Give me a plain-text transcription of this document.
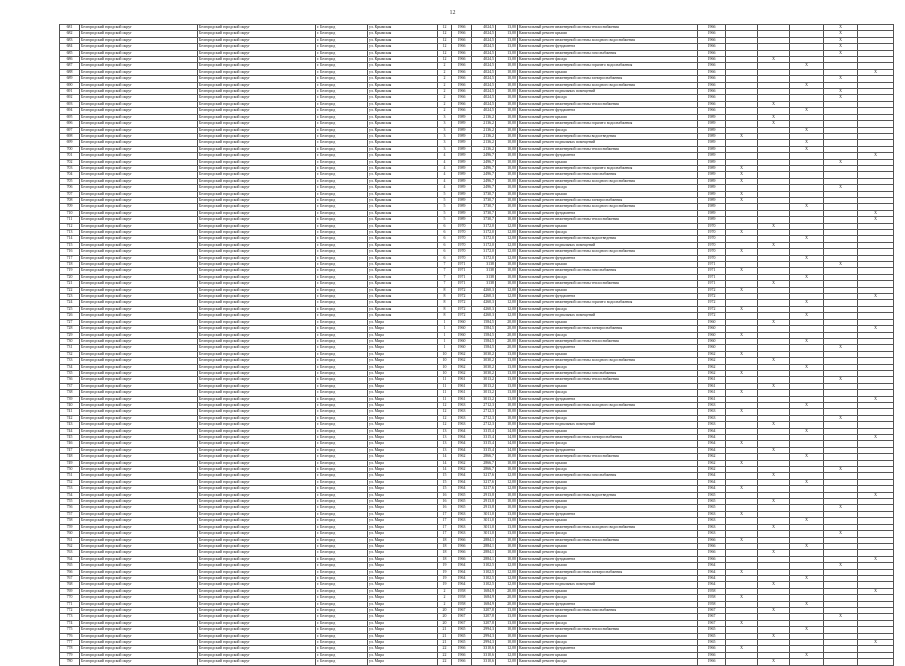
12
681	Белгородский городской округ	Белгородский городской округ	г. Белгород	ул. Крымская	12	1966	4024,5	13,00	Капитальный ремонт инженерной системы теплоснабжения	1966				X	
682	Белгородский городской округ	Белгородский городской округ	г. Белгород	ул. Крымская	12	1966	4024,5	13,00	Капитальный ремонт крыши	1966				X	
683	Белгородский городской округ	Белгородский городской округ	г. Белгород	ул. Крымская	12	1966	4024,5	13,00	Капитальный ремонт инженерной системы холодного водоснабжения	1966				X	
684	Белгородский городской округ	Белгородский городской округ	г. Белгород	ул. Крымская	12	1966	4024,5	13,00	Капитальный ремонт фундамента	1966				X	
685	Белгородский городской округ	Белгородский городской округ	г. Белгород	ул. Крымская	12	1966	4024,5	13,00	Капитальный ремонт инженерной системы газоснабжения	1966				X	
686	Белгородский городской округ	Белгородский городской округ	г. Белгород	ул. Крымская	12	1966	4024,5	13,00	Капитальный ремонт фасада	1966		X			
687	Белгородский городской округ	Белгородский городской округ	г. Белгород	ул. Крымская	2	1966	4024,5	10,00	Капитальный ремонт инженерной системы горячего водоснабжения	1966			X		
688	Белгородский городской округ	Белгородский городской округ	г. Белгород	ул. Крымская	2	1966	4024,5	10,00	Капитальный ремонт крыши	1966					X
689	Белгородский городской округ	Белгородский городской округ	г. Белгород	ул. Крымская	2	1966	4024,5	10,00	Капитальный ремонт инженерной системы электроснабжения	1966				X	
690	Белгородский городской округ	Белгородский городской округ	г. Белгород	ул. Крымская	2	1966	4024,5	10,00	Капитальный ремонт инженерной системы холодного водоснабжения	1966			X		
691	Белгородский городской округ	Белгородский городской округ	г. Белгород	ул. Крымская	2	1966	4024,5	10,00	Капитальный ремонт подвальных помещений	1966				X	
692	Белгородский городской округ	Белгородский городской округ	г. Белгород	ул. Крымская	2	1966	4024,5	10,00	Капитальный ремонт фасада	1966				X	
693	Белгородский городской округ	Белгородский городской округ	г. Белгород	ул. Крымская	2	1966	4024,5	10,00	Капитальный ремонт инженерной системы теплоснабжения	1966		X			
694	Белгородский городской округ	Белгородский городской округ	г. Белгород	ул. Крымская	2	1966	4024,5	10,00	Капитальный ремонт фундамента	1966			X		
695	Белгородский городской округ	Белгородский городской округ	г. Белгород	ул. Крымская	3	1989	2136,2	10,00	Капитальный ремонт крыши	1989		X			
696	Белгородский городской округ	Белгородский городской округ	г. Белгород	ул. Крымская	3	1989	2136,2	10,00	Капитальный ремонт инженерной системы горячего водоснабжения	1989		X			
697	Белгородский городской округ	Белгородский городской округ	г. Белгород	ул. Крымская	3	1989	2136,2	10,00	Капитальный ремонт фасада	1989			X		
698	Белгородский городской округ	Белгородский городской округ	г. Белгород	ул. Крымская	3	1989	2136,2	10,00	Капитальный ремонт инженерной системы водоотведения	1989	X				
699	Белгородский городской округ	Белгородский городской округ	г. Белгород	ул. Крымская	3	1989	2136,2	10,00	Капитальный ремонт подвальных помещений	1989			X		
700	Белгородский городской округ	Белгородский городской округ	г. Белгород	ул. Крымская	3	1989	2136,2	10,00	Капитальный ремонт инженерной системы теплоснабжения	1989			X		
701	Белгородский городской округ	Белгородский городской округ	г. Белгород	ул. Крымская	4	1989	2496,7	10,00	Капитальный ремонт фундамента	1989					X
702	Белгородский городской округ	Белгородский городской округ	г. Белгород	ул. Крымская	4	1989	2496,7	10,00	Капитальный ремонт крыши	1989				X	
703	Белгородский городской округ	Белгородский городской округ	г. Белгород	ул. Крымская	4	1989	2496,7	10,00	Капитальный ремонт инженерной системы горячего водоснабжения	1989	X				
704	Белгородский городской округ	Белгородский городской округ	г. Белгород	ул. Крымская	4	1989	2496,7	10,00	Капитальный ремонт инженерной системы газоснабжения	1989	X				
705	Белгородский городской округ	Белгородский городской округ	г. Белгород	ул. Крымская	4	1989	2496,7	10,00	Капитальный ремонт инженерной системы холодного водоснабжения	1989	X				
706	Белгородский городской округ	Белгородский городской округ	г. Белгород	ул. Крымская	4	1989	2496,7	10,00	Капитальный ремонт фасада	1989				X	
707	Белгородский городской округ	Белгородский городской округ	г. Белгород	ул. Крымская	5	1989	3730,7	10,00	Капитальный ремонт крыши	1989	X				
708	Белгородский городской округ	Белгородский городской округ	г. Белгород	ул. Крымская	5	1989	3730,7	10,00	Капитальный ремонт инженерной системы электроснабжения	1989	X				
709	Белгородский городской округ	Белгородский городской округ	г. Белгород	ул. Крымская	5	1989	3730,7	10,00	Капитальный ремонт инженерной системы холодного водоснабжения	1989			X		
710	Белгородский городской округ	Белгородский городской округ	г. Белгород	ул. Крымская	5	1989	3730,7	10,00	Капитальный ремонт фундамента	1989					X
711	Белгородский городской округ	Белгородский городской округ	г. Белгород	ул. Крымская	5	1989	3730,7	10,00	Капитальный ремонт инженерной системы теплоснабжения	1989					X
712	Белгородский городской округ	Белгородский городской округ	г. Белгород	ул. Крымская	6	1970	3172,0	12,00	Капитальный ремонт крыши	1970		X			
713	Белгородский городской округ	Белгородский городской округ	г. Белгород	ул. Крымская	6	1970	3172,0	12,00	Капитальный ремонт фасада	1970	X				
714	Белгородский городской округ	Белгородский городской округ	г. Белгород	ул. Крымская	6	1970	3172,0	12,00	Капитальный ремонт инженерной системы водоотведения	1970			X		
715	Белгородский городской округ	Белгородский городской округ	г. Белгород	ул. Крымская	6	1970	3172,0	12,00	Капитальный ремонт подвальных помещений	1970		X			
716	Белгородский городской округ	Белгородский городской округ	г. Белгород	ул. Крымская	6	1970	3172,0	12,00	Капитальный ремонт инженерной системы холодного водоснабжения	1970	X				
717	Белгородский городской округ	Белгородский городской округ	г. Белгород	ул. Крымская	6	1970	3172,0	12,00	Капитальный ремонт фундамента	1970			X		
718	Белгородский городской округ	Белгородский городской округ	г. Белгород	ул. Крымская	7	1971	3138	10,00	Капитальный ремонт крыши	1971				X	
719	Белгородский городской округ	Белгородский городской округ	г. Белгород	ул. Крымская	7	1971	3138	10,00	Капитальный ремонт инженерной системы газоснабжения	1971	X				
720	Белгородский городской округ	Белгородский городской округ	г. Белгород	ул. Крымская	7	1971	3138	10,00	Капитальный ремонт фасада	1971			X		
721	Белгородский городской округ	Белгородский городской округ	г. Белгород	ул. Крымская	7	1971	3138	10,00	Капитальный ремонт инженерной системы теплоснабжения	1971		X			
722	Белгородский городской округ	Белгородский городской округ	г. Белгород	ул. Крымская	8	1972	4260,3	12,00	Капитальный ремонт крыши	1972	X				
723	Белгородский городской округ	Белгородский городской округ	г. Белгород	ул. Крымская	8	1972	4260,3	12,00	Капитальный ремонт фундамента	1972					X
724	Белгородский городской округ	Белгородский городской округ	г. Белгород	ул. Крымская	8	1972	4260,3	12,00	Капитальный ремонт инженерной системы горячего водоснабжения	1972			X		
725	Белгородский городской округ	Белгородский городской округ	г. Белгород	ул. Крымская	8	1972	4260,3	12,00	Капитальный ремонт фасада	1972	X				
726	Белгородский городской округ	Белгородский городской округ	г. Белгород	ул. Крымская	8	1972	4260,3	12,00	Капитальный ремонт подвальных помещений	1972			X		
727	Белгородский городской округ	Белгородский городской округ	г. Белгород	ул. Мира	1	1960	1584,5	20,00	Капитальный ремонт крыши	1960		X			
728	Белгородский городской округ	Белгородский городской округ	г. Белгород	ул. Мира	1	1960	1584,5	20,00	Капитальный ремонт инженерной системы электроснабжения	1960					X
729	Белгородский городской округ	Белгородский городской округ	г. Белгород	ул. Мира	1	1960	1584,5	20,00	Капитальный ремонт фасада	1960	X				
730	Белгородский городской округ	Белгородский городской округ	г. Белгород	ул. Мира	1	1960	1584,5	20,00	Капитальный ремонт инженерной системы теплоснабжения	1960			X		
731	Белгородский городской округ	Белгородский городской округ	г. Белгород	ул. Мира	1	1960	1584,5	20,00	Капитальный ремонт фундамента	1960				X	
732	Белгородский городской округ	Белгородский городской округ	г. Белгород	ул. Мира	10	1962	3030,2	13,00	Капитальный ремонт крыши	1962	X				
733	Белгородский городской округ	Белгородский городской округ	г. Белгород	ул. Мира	10	1962	3030,2	13,00	Капитальный ремонт инженерной системы холодного водоснабжения	1962		X			
734	Белгородский городской округ	Белгородский городской округ	г. Белгород	ул. Мира	10	1962	3030,2	13,00	Капитальный ремонт фасада	1962			X		
735	Белгородский городской округ	Белгородский городской округ	г. Белгород	ул. Мира	10	1962	3030,2	13,00	Капитальный ремонт инженерной системы газоснабжения	1962	X				
736	Белгородский городской округ	Белгородский городской округ	г. Белгород	ул. Мира	11	1961	3013,2	13,00	Капитальный ремонт инженерной системы теплоснабжения	1961				X	
737	Белгородский городской округ	Белгородский городской округ	г. Белгород	ул. Мира	11	1961	3013,2	13,00	Капитальный ремонт крыши	1961		X			
738	Белгородский городской округ	Белгородский городской округ	г. Белгород	ул. Мира	11	1961	3013,2	13,00	Капитальный ремонт фасада	1961	X				
739	Белгородский городской округ	Белгородский городской округ	г. Белгород	ул. Мира	11	1961	3013,2	13,00	Капитальный ремонт фундамента	1961					X
740	Белгородский городской округ	Белгородский городской округ	г. Белгород	ул. Мира	12	1963	2712,3	10,00	Капитальный ремонт инженерной системы холодного водоснабжения	1963			X		
741	Белгородский городской округ	Белгородский городской округ	г. Белгород	ул. Мира	12	1963	2712,3	10,00	Капитальный ремонт крыши	1963	X				
742	Белгородский городской округ	Белгородский городской округ	г. Белгород	ул. Мира	12	1963	2712,3	10,00	Капитальный ремонт фасада	1963				X	
743	Белгородский городской округ	Белгородский городской округ	г. Белгород	ул. Мира	12	1963	2712,3	10,00	Капитальный ремонт подвальных помещений	1963		X			
744	Белгородский городской округ	Белгородский городской округ	г. Белгород	ул. Мира	13	1964	3315,4	14,00	Капитальный ремонт крыши	1964			X		
745	Белгородский городской округ	Белгородский городской округ	г. Белгород	ул. Мира	13	1964	3315,4	14,00	Капитальный ремонт инженерной системы электроснабжения	1964					X
746	Белгородский городской округ	Белгородский городской округ	г. Белгород	ул. Мира	13	1964	3315,4	14,00	Капитальный ремонт фасада	1964	X				
747	Белгородский городской округ	Белгородский городской округ	г. Белгород	ул. Мира	13	1964	3315,4	14,00	Капитальный ремонт фундамента	1964		X			
748	Белгородский городской округ	Белгородский городской округ	г. Белгород	ул. Мира	14	1962	2866,7	10,00	Капитальный ремонт инженерной системы теплоснабжения	1962			X		
749	Белгородский городской округ	Белгородский городской округ	г. Белгород	ул. Мира	14	1962	2866,7	10,00	Капитальный ремонт крыши	1962	X				
750	Белгородский городской округ	Белгородский городской округ	г. Белгород	ул. Мира	14	1962	2866,7	10,00	Капитальный ремонт фасада	1962				X	
751	Белгородский городской округ	Белгородский городской округ	г. Белгород	ул. Мира	15	1964	3217,6	12,00	Капитальный ремонт инженерной системы газоснабжения	1964		X			
752	Белгородский городской округ	Белгородский городской округ	г. Белгород	ул. Мира	15	1964	3217,6	12,00	Капитальный ремонт крыши	1964			X		
753	Белгородский городской округ	Белгородский городской округ	г. Белгород	ул. Мира	15	1964	3217,6	12,00	Капитальный ремонт фасада	1964	X				
754	Белгородский городской округ	Белгородский городской округ	г. Белгород	ул. Мира	16	1965	2913,8	10,00	Капитальный ремонт инженерной системы водоотведения	1965					X
755	Белгородский городской округ	Белгородский городской округ	г. Белгород	ул. Мира	16	1965	2913,8	10,00	Капитальный ремонт крыши	1965		X			
756	Белгородский городской округ	Белгородский городской округ	г. Белгород	ул. Мира	16	1965	2913,8	10,00	Капитальный ремонт фасада	1965				X	
757	Белгородский городской округ	Белгородский городской округ	г. Белгород	ул. Мира	17	1963	3011,0	13,00	Капитальный ремонт фундамента	1963	X				
758	Белгородский городской округ	Белгородский городской округ	г. Белгород	ул. Мира	17	1963	3011,0	13,00	Капитальный ремонт крыши	1963			X		
759	Белгородский городской округ	Белгородский городской округ	г. Белгород	ул. Мира	17	1963	3011,0	13,00	Капитальный ремонт инженерной системы холодного водоснабжения	1963		X			
760	Белгородский городской округ	Белгородский городской округ	г. Белгород	ул. Мира	17	1963	3011,0	13,00	Капитальный ремонт фасада	1963				X	
761	Белгородский городской округ	Белгородский городской округ	г. Белгород	ул. Мира	18	1966	2884,1	10,00	Капитальный ремонт инженерной системы теплоснабжения	1966	X				
762	Белгородский городской округ	Белгородский городской округ	г. Белгород	ул. Мира	18	1966	2884,1	10,00	Капитальный ремонт крыши	1966			X		
763	Белгородский городской округ	Белгородский городской округ	г. Белгород	ул. Мира	18	1966	2884,1	10,00	Капитальный ремонт фасада	1966		X			
764	Белгородский городской округ	Белгородский городской округ	г. Белгород	ул. Мира	18	1966	2884,1	10,00	Капитальный ремонт фундамента	1966					X
765	Белгородский городской округ	Белгородский городской округ	г. Белгород	ул. Мира	19	1964	3102,5	12,00	Капитальный ремонт крыши	1964				X	
766	Белгородский городской округ	Белгородский городской округ	г. Белгород	ул. Мира	19	1964	3102,5	12,00	Капитальный ремонт инженерной системы электроснабжения	1964	X				
767	Белгородский городской округ	Белгородский городской округ	г. Белгород	ул. Мира	19	1964	3102,5	12,00	Капитальный ремонт фасада	1964			X		
768	Белгородский городской округ	Белгородский городской округ	г. Белгород	ул. Мира	19	1964	3102,5	12,00	Капитальный ремонт подвальных помещений	1964		X			
769	Белгородский городской округ	Белгородский городской округ	г. Белгород	ул. Мира	2	1958	1684,9	20,00	Капитальный ремонт крыши	1958					X
770	Белгородский городской округ	Белгородский городской округ	г. Белгород	ул. Мира	2	1958	1684,9	20,00	Капитальный ремонт фасада	1958	X				
771	Белгородский городской округ	Белгородский городской округ	г. Белгород	ул. Мира	2	1958	1684,9	20,00	Капитальный ремонт фундамента	1958			X		
772	Белгородский городской округ	Белгородский городской округ	г. Белгород	ул. Мира	20	1967	3207,8	13,00	Капитальный ремонт инженерной системы газоснабжения	1967		X			
773	Белгородский городской округ	Белгородский городской округ	г. Белгород	ул. Мира	20	1967	3207,8	13,00	Капитальный ремонт крыши	1967				X	
774	Белгородский городской округ	Белгородский городской округ	г. Белгород	ул. Мира	20	1967	3207,8	13,00	Капитальный ремонт фасада	1967	X				
775	Белгородский городской округ	Белгородский городской округ	г. Белгород	ул. Мира	21	1965	2994,3	10,00	Капитальный ремонт инженерной системы теплоснабжения	1965			X		
776	Белгородский городской округ	Белгородский городской округ	г. Белгород	ул. Мира	21	1965	2994,3	10,00	Капитальный ремонт крыши	1965		X			
777	Белгородский городской округ	Белгородский городской округ	г. Белгород	ул. Мира	21	1965	2994,3	10,00	Капитальный ремонт фасада	1965					X
778	Белгородский городской округ	Белгородский городской округ	г. Белгород	ул. Мира	22	1966	3310,6	12,00	Капитальный ремонт фундамента	1966	X				
779	Белгородский городской округ	Белгородский городской округ	г. Белгород	ул. Мира	22	1966	3310,6	12,00	Капитальный ремонт крыши	1966			X		
780	Белгородский городской округ	Белгородский городской округ	г. Белгород	ул. Мира	22	1966	3310,6	12,00	Капитальный ремонт фасада	1966		X			
